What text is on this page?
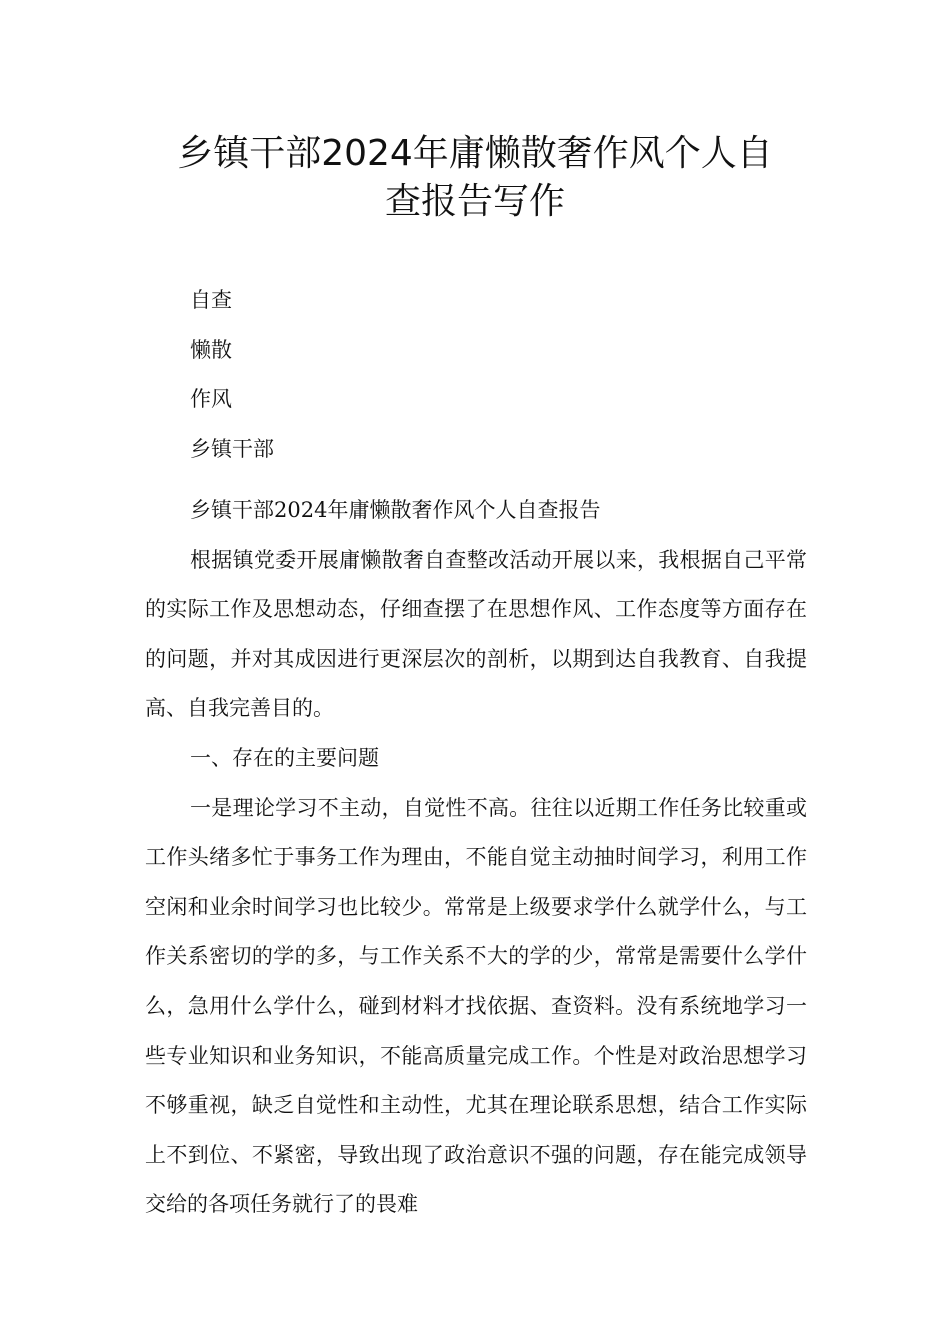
乡镇干部2024年庸懒散奢作风个人自
查报告写作
自查
懒散
作风
乡镇干部

乡镇干部2024年庸懒散奢作风个人自查报告

根据镇党委开展庸懒散奢自查整改活动开展以来，我根据自己平常的实际工作及思想动态，仔细查摆了在思想作风、工作态度等方面存在的问题，并对其成因进行更深层次的剖析，以期到达自我教育、自我提高、自我完善目的。

一、存在的主要问题

一是理论学习不主动，自觉性不高。往往以近期工作任务比较重或工作头绪多忙于事务工作为理由，不能自觉主动抽时间学习，利用工作空闲和业余时间学习也比较少。常常是上级要求学什么就学什么，与工作关系密切的学的多，与工作关系不大的学的少，常常是需要什么学什么，急用什么学什么，碰到材料才找依据、查资料。没有系统地学习一些专业知识和业务知识，不能高质量完成工作。个性是对政治思想学习不够重视，缺乏自觉性和主动性，尤其在理论联系思想，结合工作实际上不到位、不紧密，导致出现了政治意识不强的问题，存在能完成领导交给的各项任务就行了的畏难
